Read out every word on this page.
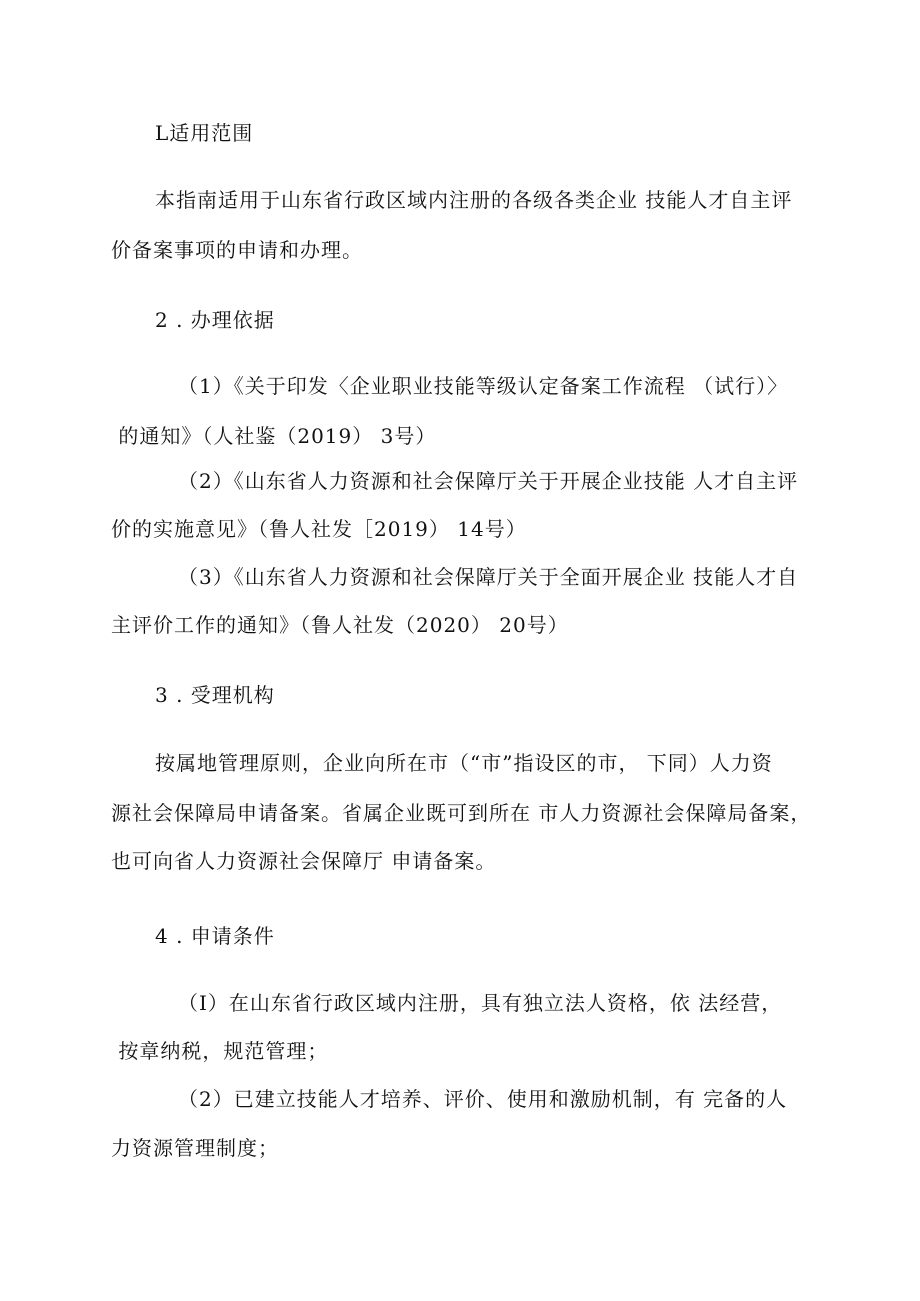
L适用范围
本指南适用于山东省行政区域内注册的各级各类企业 技能人才自主评
价备案事项的申请和办理。
2 . 办理依据
（1）《关于印发〈企业职业技能等级认定备案工作流程 （试行）〉
的通知》（人社鉴（2019） 3号）
（2）《山东省人力资源和社会保障厅关于开展企业技能 人才自主评
价的实施意见》（鲁人社发［2019） 14号）
（3）《山东省人力资源和社会保障厅关于全面开展企业 技能人才自
主评价工作的通知》（鲁人社发（2020） 20号）
3 . 受理机构
按属地管理原则，企业向所在市（“市”指设区的市， 下同）人力资
源社会保障局申请备案。省属企业既可到所在 市人力资源社会保障局备案，
也可向省人力资源社会保障厅 申请备案。
4 . 申请条件
（I）在山东省行政区域内注册，具有独立法人资格，依 法经营，
按章纳税，规范管理；
（2）已建立技能人才培养、评价、使用和激励机制，有 完备的人
力资源管理制度；
